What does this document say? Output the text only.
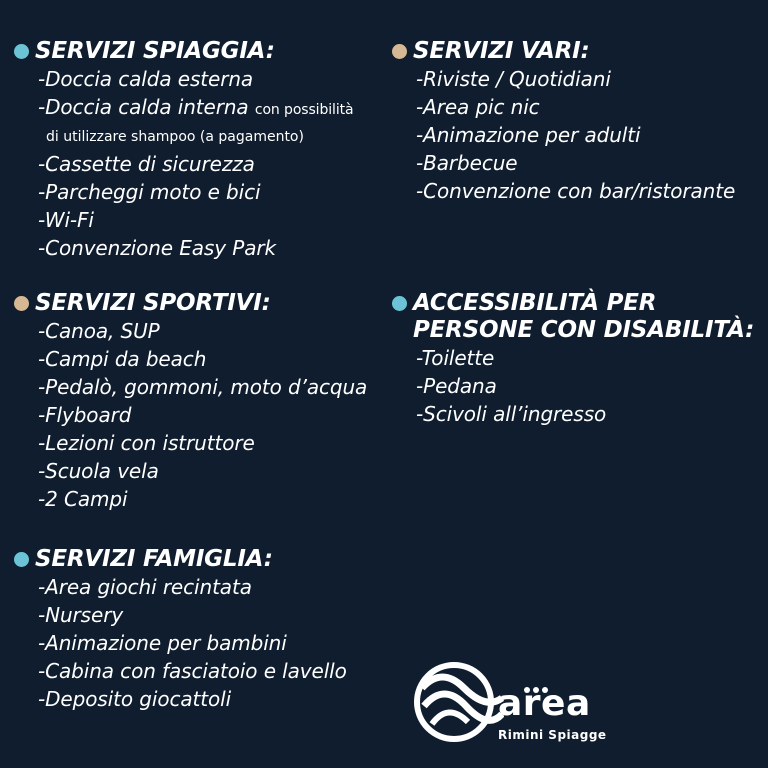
SERVIZI SPIAGGIA:
-Doccia calda esterna
-Doccia calda interna con possibilità
di utilizzare shampoo (a pagamento)
-Cassette di sicurezza
-Parcheggi moto e bici
-Wi-Fi
-Convenzione Easy Park
SERVIZI SPORTIVI:
-Canoa, SUP
-Campi da beach
-Pedalò, gommoni, moto d’acqua
-Flyboard
-Lezioni con istruttore
-Scuola vela
-2 Campi
SERVIZI FAMIGLIA:
-Area giochi recintata
-Nursery
-Animazione per bambini
-Cabina con fasciatoio e lavello
-Deposito giocattoli
SERVIZI VARI:
-Riviste / Quotidiani
-Area pic nic
-Animazione per adulti
-Barbecue
-Convenzione con bar/ristorante
ACCESSIBILITÀ PER
PERSONE CON DISABILITÀ:
-Toilette
-Pedana
-Scivoli all’ingresso
area
Rimini Spiagge
